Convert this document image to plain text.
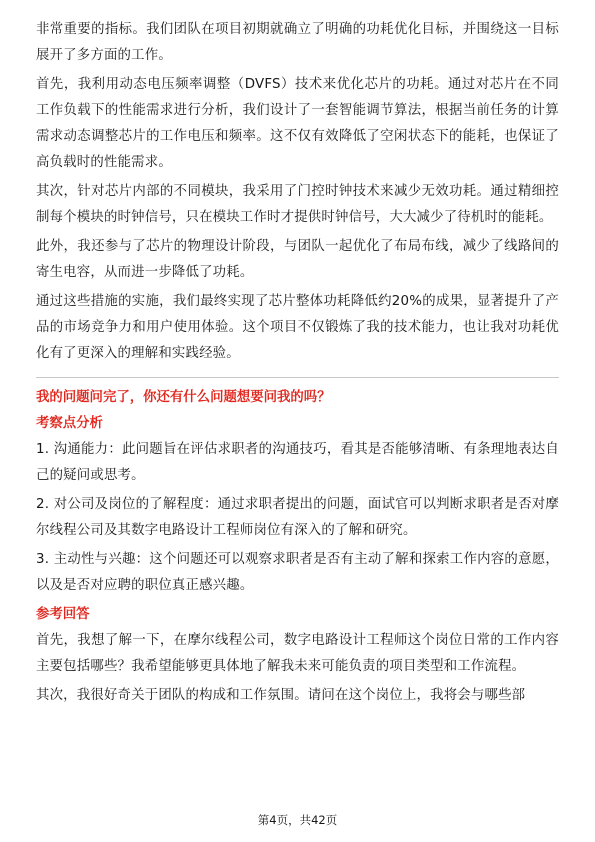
非常重要的指标。我们团队在项目初期就确立了明确的功耗优化目标，并围绕这一目标展开了多方面的工作。

首先，我利用动态电压频率调整（DVFS）技术来优化芯片的功耗。通过对芯片在不同工作负载下的性能需求进行分析，我们设计了一套智能调节算法，根据当前任务的计算需求动态调整芯片的工作电压和频率。这不仅有效降低了空闲状态下的能耗，也保证了高负载时的性能需求。

其次，针对芯片内部的不同模块，我采用了门控时钟技术来减少无效功耗。通过精细控制每个模块的时钟信号，只在模块工作时才提供时钟信号，大大减少了待机时的能耗。

此外，我还参与了芯片的物理设计阶段，与团队一起优化了布局布线，减少了线路间的寄生电容，从而进一步降低了功耗。

通过这些措施的实施，我们最终实现了芯片整体功耗降低约20%的成果，显著提升了产品的市场竞争力和用户使用体验。这个项目不仅锻炼了我的技术能力，也让我对功耗优化有了更深入的理解和实践经验。

我的问题问完了，你还有什么问题想要问我的吗？

考察点分析

1. 沟通能力：此问题旨在评估求职者的沟通技巧，看其是否能够清晰、有条理地表达自己的疑问或思考。

2. 对公司及岗位的了解程度：通过求职者提出的问题，面试官可以判断求职者是否对摩尔线程公司及其数字电路设计工程师岗位有深入的了解和研究。

3. 主动性与兴趣：这个问题还可以观察求职者是否有主动了解和探索工作内容的意愿，以及是否对应聘的职位真正感兴趣。

参考回答

首先，我想了解一下，在摩尔线程公司，数字电路设计工程师这个岗位日常的工作内容主要包括哪些？我希望能够更具体地了解我未来可能负责的项目类型和工作流程。

其次，我很好奇关于团队的构成和工作氛围。请问在这个岗位上，我将会与哪些部

第4页，共42页
